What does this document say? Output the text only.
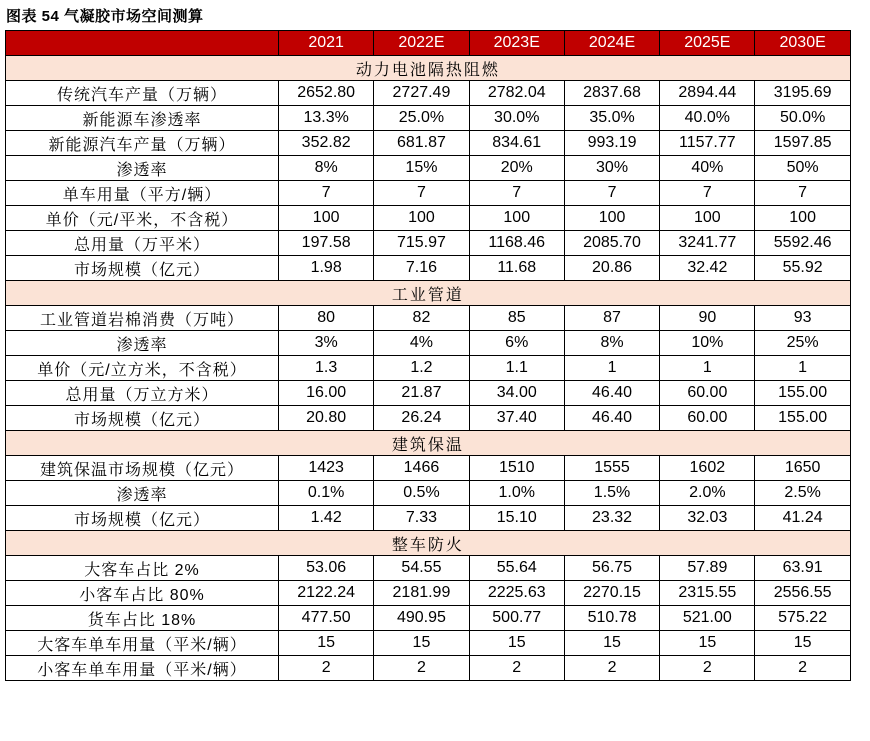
图表 54 气凝胶市场空间测算
	2021	2022E	2023E	2024E	2025E	2030E
动力电池隔热阻燃						
传统汽车产量（万辆）	2652.80	2727.49	2782.04	2837.68	2894.44	3195.69
新能源车渗透率	13.3%	25.0%	30.0%	35.0%	40.0%	50.0%
新能源汽车产量（万辆）	352.82	681.87	834.61	993.19	1157.77	1597.85
渗透率	8%	15%	20%	30%	40%	50%
单车用量（平方/辆）	7	7	7	7	7	7
单价（元/平米，不含税）	100	100	100	100	100	100
总用量（万平米）	197.58	715.97	1168.46	2085.70	3241.77	5592.46
市场规模（亿元）	1.98	7.16	11.68	20.86	32.42	55.92
工业管道						
工业管道岩棉消费（万吨）	80	82	85	87	90	93
渗透率	3%	4%	6%	8%	10%	25%
单价（元/立方米，不含税）	1.3	1.2	1.1	1	1	1
总用量（万立方米）	16.00	21.87	34.00	46.40	60.00	155.00
市场规模（亿元）	20.80	26.24	37.40	46.40	60.00	155.00
建筑保温						
建筑保温市场规模（亿元）	1423	1466	1510	1555	1602	1650
渗透率	0.1%	0.5%	1.0%	1.5%	2.0%	2.5%
市场规模（亿元）	1.42	7.33	15.10	23.32	32.03	41.24
整车防火						
大客车占比 2%	53.06	54.55	55.64	56.75	57.89	63.91
小客车占比 80%	2122.24	2181.99	2225.63	2270.15	2315.55	2556.55
货车占比 18%	477.50	490.95	500.77	510.78	521.00	575.22
大客车单车用量（平米/辆）	15	15	15	15	15	15
小客车单车用量（平米/辆）	2	2	2	2	2	2
